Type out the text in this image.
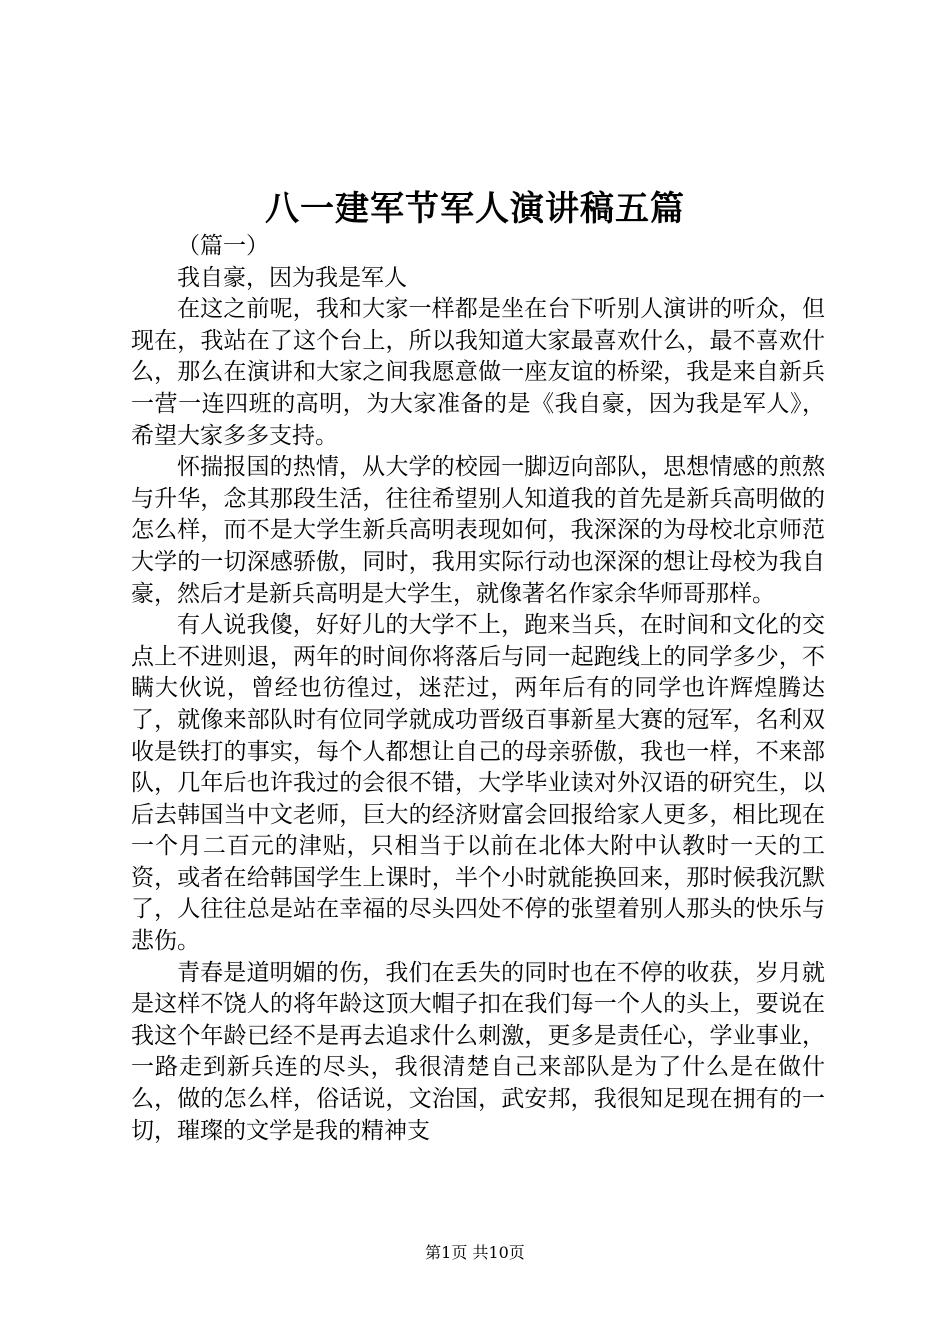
八一建军节军人演讲稿五篇

（篇一）

我自豪，因为我是军人

在这之前呢，我和大家一样都是坐在台下听别人演讲的听众，但现在，我站在了这个台上，所以我知道大家最喜欢什么，最不喜欢什么，那么在演讲和大家之间我愿意做一座友谊的桥梁，我是来自新兵一营一连四班的高明，为大家准备的是《我自豪，因为我是军人》，希望大家多多支持。

怀揣报国的热情，从大学的校园一脚迈向部队，思想情感的煎熬与升华，念其那段生活，往往希望别人知道我的首先是新兵高明做的怎么样，而不是大学生新兵高明表现如何，我深深的为母校北京师范大学的一切深感骄傲，同时，我用实际行动也深深的想让母校为我自豪，然后才是新兵高明是大学生，就像著名作家余华师哥那样。

有人说我傻，好好儿的大学不上，跑来当兵，在时间和文化的交点上不进则退，两年的时间你将落后与同一起跑线上的同学多少，不瞒大伙说，曾经也彷徨过，迷茫过，两年后有的同学也许辉煌腾达了，就像来部队时有位同学就成功晋级百事新星大赛的冠军，名利双收是铁打的事实，每个人都想让自己的母亲骄傲，我也一样，不来部队，几年后也许我过的会很不错，大学毕业读对外汉语的研究生，以后去韩国当中文老师，巨大的经济财富会回报给家人更多，相比现在一个月二百元的津贴，只相当于以前在北体大附中认教时一天的工资，或者在给韩国学生上课时，半个小时就能换回来，那时候我沉默了，人往往总是站在幸福的尽头四处不停的张望着别人那头的快乐与悲伤。

青春是道明媚的伤，我们在丢失的同时也在不停的收获，岁月就是这样不饶人的将年龄这顶大帽子扣在我们每一个人的头上，要说在我这个年龄已经不是再去追求什么刺激，更多是责任心，学业事业，一路走到新兵连的尽头，我很清楚自己来部队是为了什么是在做什么，做的怎么样，俗话说，文治国，武安邦，我很知足现在拥有的一切，璀璨的文学是我的精神支

第1页 共10页
